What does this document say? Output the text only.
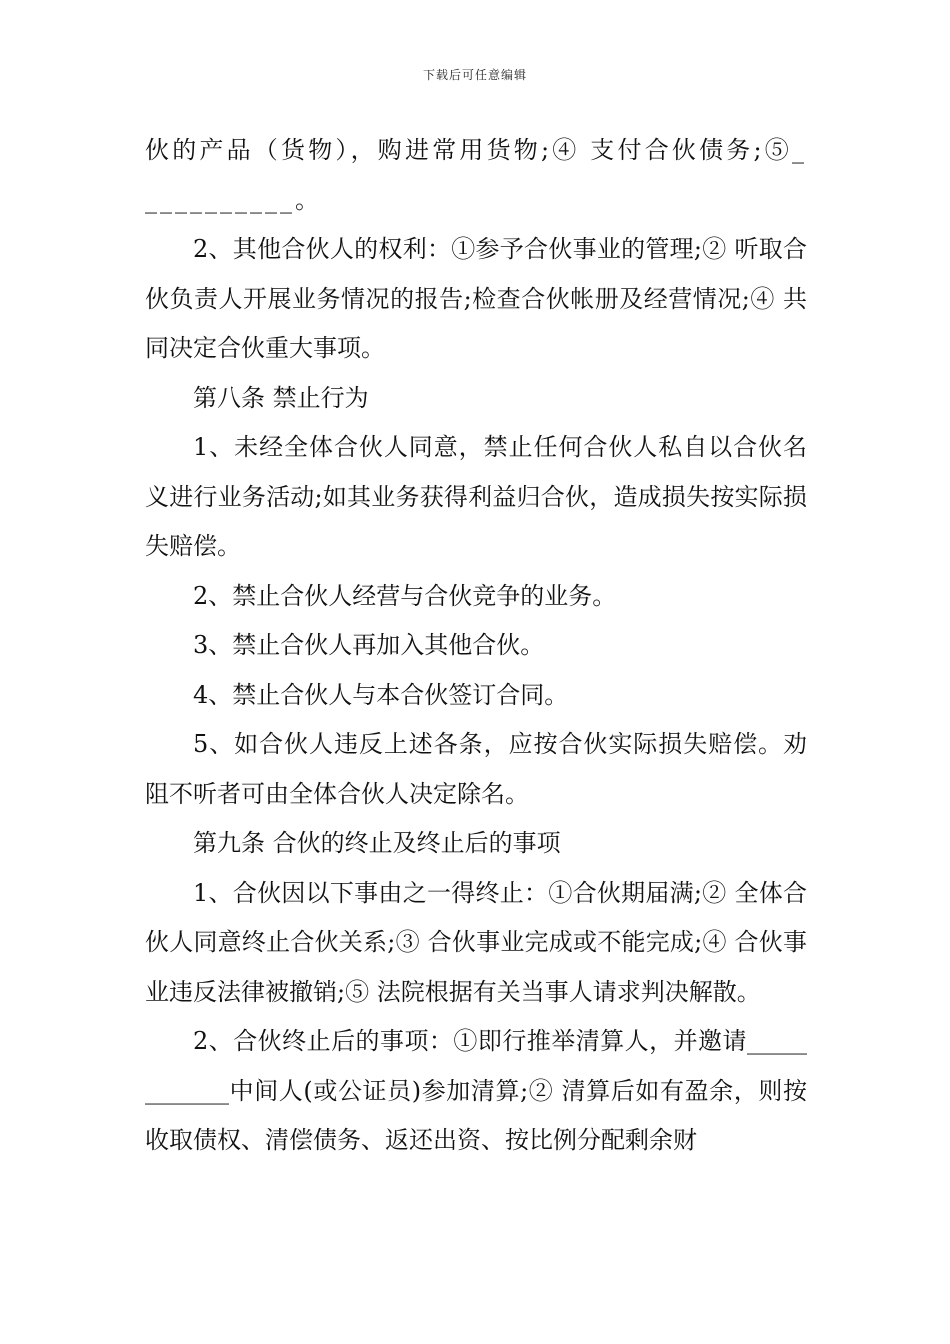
下载后可任意编辑

伙的产品（货物），购进常用货物;④ 支付合伙债务;⑤___________。

2、其他合伙人的权利：①参予合伙事业的管理;② 听取合伙负责人开展业务情况的报告;检查合伙帐册及经营情况;④ 共同决定合伙重大事项。

第八条 禁止行为

1、未经全体合伙人同意，禁止任何合伙人私自以合伙名义进行业务活动;如其业务获得利益归合伙，造成损失按实际损失赔偿。

2、禁止合伙人经营与合伙竞争的业务。

3、禁止合伙人再加入其他合伙。

4、禁止合伙人与本合伙签订合同。

5、如合伙人违反上述各条，应按合伙实际损失赔偿。劝阻不听者可由全体合伙人决定除名。

第九条 合伙的终止及终止后的事项

1、合伙因以下事由之一得终止：①合伙期届满;② 全体合伙人同意终止合伙关系;③ 合伙事业完成或不能完成;④ 合伙事业违反法律被撤销;⑤ 法院根据有关当事人请求判决解散。

2、合伙终止后的事项：①即行推举清算人，并邀请____________中间人(或公证员)参加清算;② 清算后如有盈余，则按收取债权、清偿债务、返还出资、按比例分配剩余财
